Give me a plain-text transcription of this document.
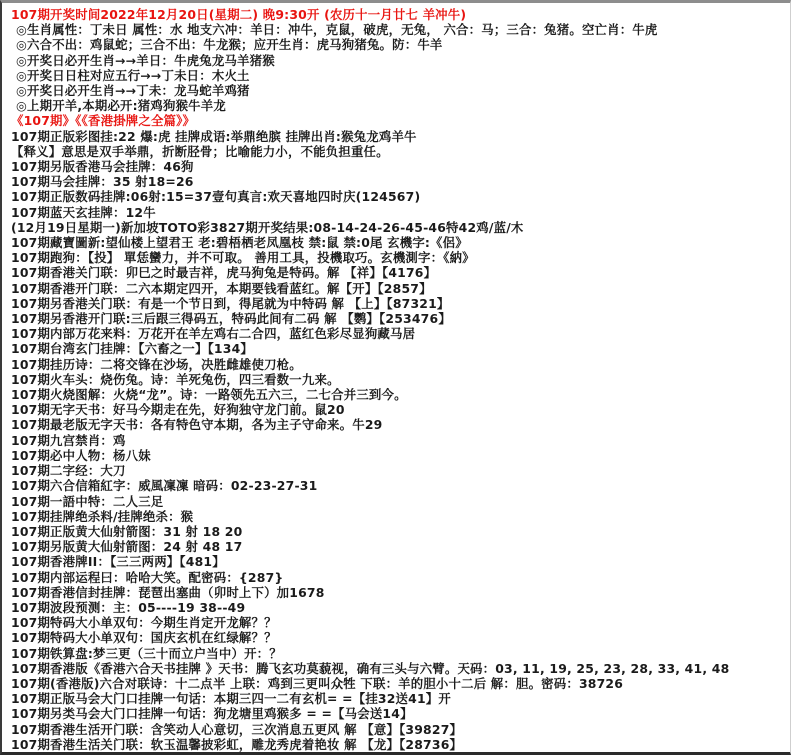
107期开奖时间2022年12月20日(星期二) 晚9:30开 (农历十一月廿七 羊冲牛)
◎生肖属性：丁未日 属性：水 地支六冲：羊日：冲牛，克鼠，破虎，无兔， 六合：马；三合：兔猪。空亡肖：牛虎
◎六合不出：鸡鼠蛇；三合不出：牛龙猴；应开生肖：虎马狗猪兔。防：牛羊
◎开奖日必开生肖→→羊日：牛虎兔龙马羊猪猴
◎开奖日日柱对应五行→→丁未日：木火土
◎开奖日必开生肖→→丁未：龙马蛇羊鸡猪
◎上期开羊,本期必开:猪鸡狗猴牛羊龙
《107期》《《香港掛牌之全篇》》
107期正版彩图挂:22 爆:虎 挂牌成语:举鼎绝膑 挂牌出肖:猴兔龙鸡羊牛
【释义】意思是双手举鼎，折断胫骨；比喻能力小，不能负担重任。
107期另版香港马会挂牌：46狗
107期马会挂牌：35 射18=26
107期正版数码挂牌:06射:15=37壹句真言:欢天喜地四时庆(124567)
107期蓝天玄挂牌：12牛
(12月19日星期一)新加坡TOTO彩3827期开奖结果:08-14-24-26-45-46特42鸡/蓝/木
107期藏寶圖新:望仙楼上望君王 老:碧梧栖老凤凰枝 禁:鼠 禁:0尾 玄機字:《侶》
107期跑狗：【投】 單恁蠻力，并不可取。 善用工具，投機取巧。玄機測字：《納》
107期香港关门联：卯巳之时最吉祥，虎马狗兔是特码。解 【祥】【4176】
107期香港开门联：二六本期定四开，本期要钱看蓝红。解【开】【2857】
107期另香港关门联：有是一个节日到，得尾就为中特码 解 【上】【87321】
107期另香港开门联:三后跟三得码五，特码此间有二码 解 【鹦】【253476】
107期内部万花来料：万花开在羊左鸡右二合四，蓝红色彩尽显狗藏马居
107期台湾玄门挂牌：【六畜之一】【134】
107期挂历诗：二将交锋在沙场，决胜雌雄使刀枪。
107期火车头：烧伤兔。诗：羊死兔伤，四三看数一九来。
107期火烧图解：火烧“龙”。诗：一路领先五六三，二七合并三到今。
107期无字天书：好马今期走在先，好狗独守龙门前。鼠20
107期最老版无字天书：各有特色守本期，各为主子守命来。牛29
107期九宫禁肖：鸡
107期必中人物：杨八妹
107期二字经：大刀
107期六合信箱紅字：威風凜凜 暗码：02-23-27-31
107期一語中特：二人三足
107期挂牌绝杀料/挂牌绝杀：猴
107期正版黄大仙射箭图：31 射 18 20
107期另版黄大仙射箭图：24 射 48 17
107期香港牌II：【三三两两】【481】
107期内部运程曰：哈哈大笑。配密码：{287}
107期香港信封挂牌：琵琶出塞曲（卯时上下）加1678
107期波段预测：主：05----19 38--49
107期特码大小单双句：今期生肖定开龙解？？
107期特码大小单双句：国庆玄机在红绿解？？
107期铁算盘:梦三更（三十而立户当中）开：？
107期香港版《香港六合天书挂牌 》天书：腾飞玄功莫藐视，确有三头与六臂。天码：03, 11, 19, 25, 23, 28, 33, 41, 48
107期(香港版)六合对联诗：十二点半 上联：鸡到三更叫众牲 下联：羊的胆小十二后 解：胆。密码：38726
107期正版马会大门口挂牌一句话：本期三四一二有玄机= =【挂32送41】开
107期另类马会大门口挂牌一句话：狗龙塘里鸡猴多 = =【马会送14】
107期香港生活开门联：含笑动人心意切，三次消息五更风 解 【意】【39827】
107期香港生活关门联：软玉温馨披彩虹，雕龙秀虎着艳妆 解 【龙】【28736】
